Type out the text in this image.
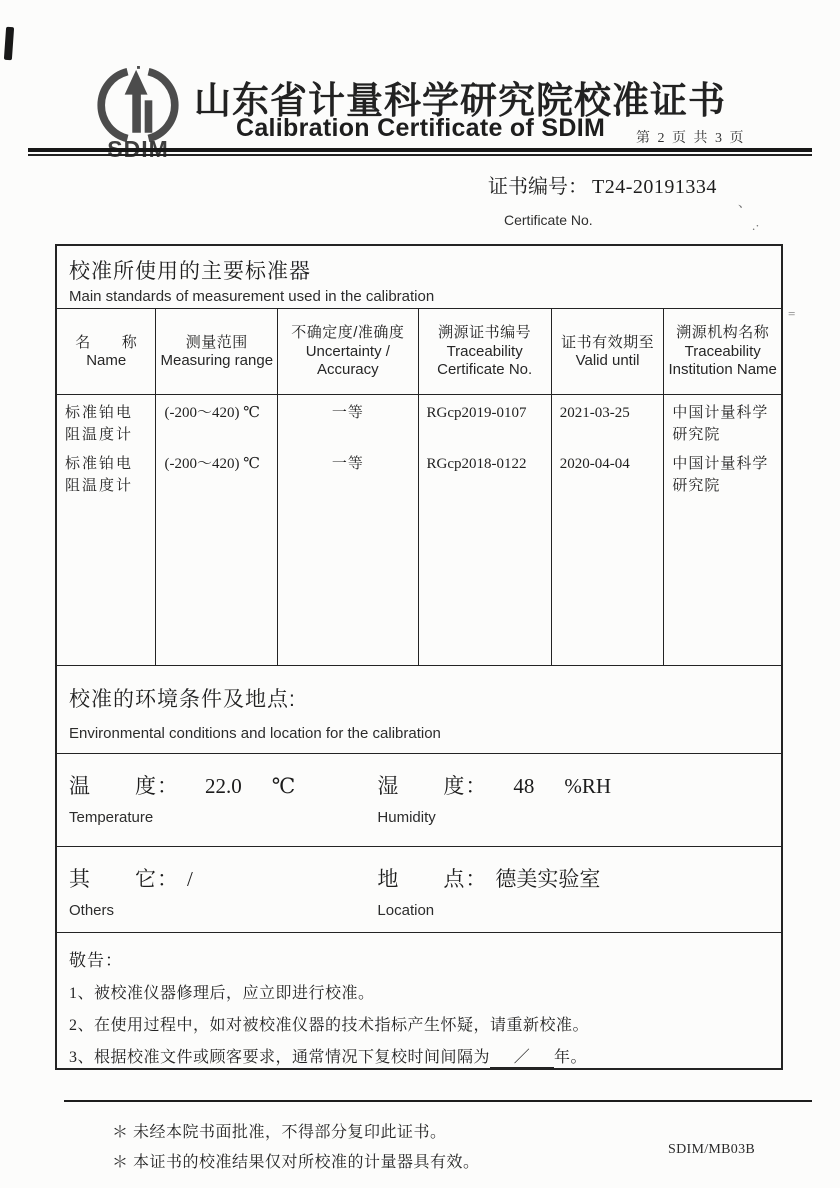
、
.·
=
SDIM
山东省计量科学研究院校准证书
Calibration Certificate of SDIM 第 2 页 共 3 页
证书编号： T24-20191334
Certificate No.
校准所使用的主要标准器
Main standards of measurement used in the calibration
名　　称
Name
测量范围
Measuring range
不确定度/准确度
Uncertainty / Accuracy
溯源证书编号
Traceability Certificate No.
证书有效期至
Valid until
溯源机构名称
Traceability Institution Name
标准铂电阻温度计
标准铂电阻温度计
(-200～420) ℃
(-200～420) ℃
一等
一等
RGcp2019-0107
RGcp2018-0122
2021-03-25
2020-04-04
中国计量科学研究院
中国计量科学研究院
校准的环境条件及地点:
Environmental conditions and location for the calibration
温　　度： 22.0 ℃
Temperature
湿　　度： 48 %RH
Humidity
其　　它： /
Others
地　　点： 德美实验室
Location
敬告：
1、被校准仪器修理后，应立即进行校准。
2、在使用过程中，如对被校准仪器的技术指标产生怀疑，请重新校准。
3、根据校准文件或顾客要求，通常情况下复校时间间隔为 ／ 年。
＊ 未经本院书面批准，不得部分复印此证书。
＊ 本证书的校准结果仅对所校准的计量器具有效。
SDIM/MB03B
